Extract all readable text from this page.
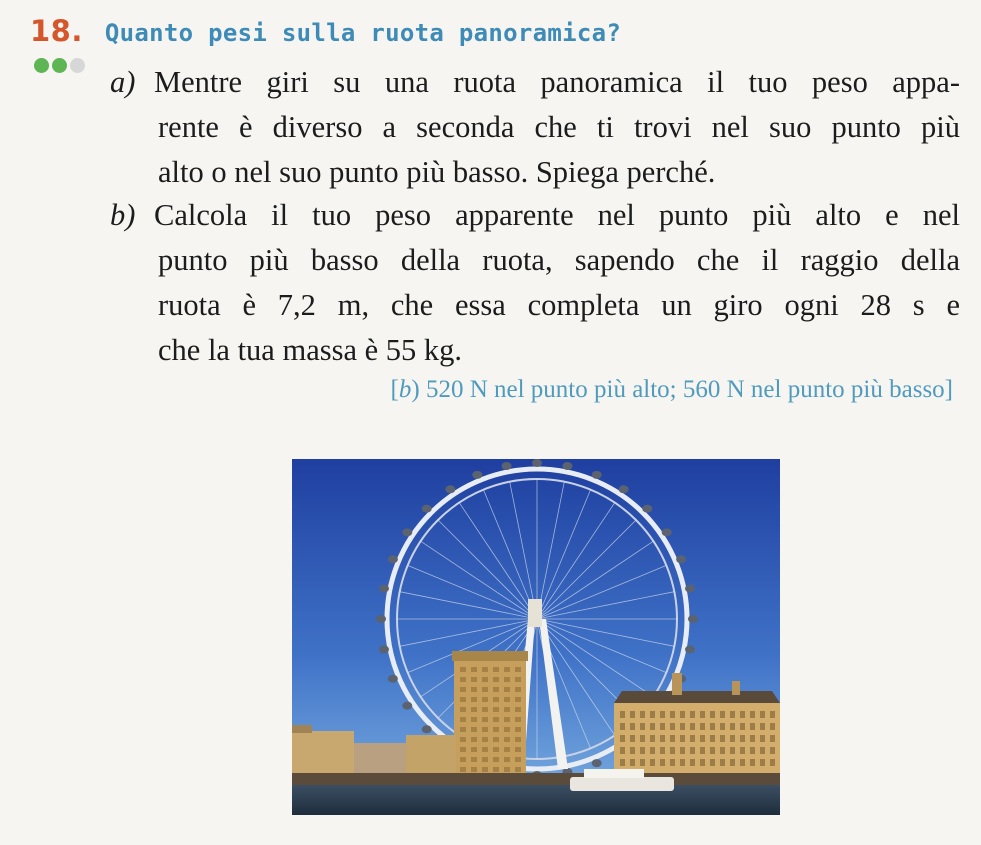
18. Quanto pesi sulla ruota panoramica?
a) Mentre giri su una ruota panoramica il tuo peso appa-
rente è diverso a seconda che ti trovi nel suo punto più
alto o nel suo punto più basso. Spiega perché.
b) Calcola il tuo peso apparente nel punto più alto e nel
punto più basso della ruota, sapendo che il raggio della
ruota è 7,2 m, che essa completa un giro ogni 28 s e
che la tua massa è 55 kg.
[b) 520 N nel punto più alto; 560 N nel punto più basso]
